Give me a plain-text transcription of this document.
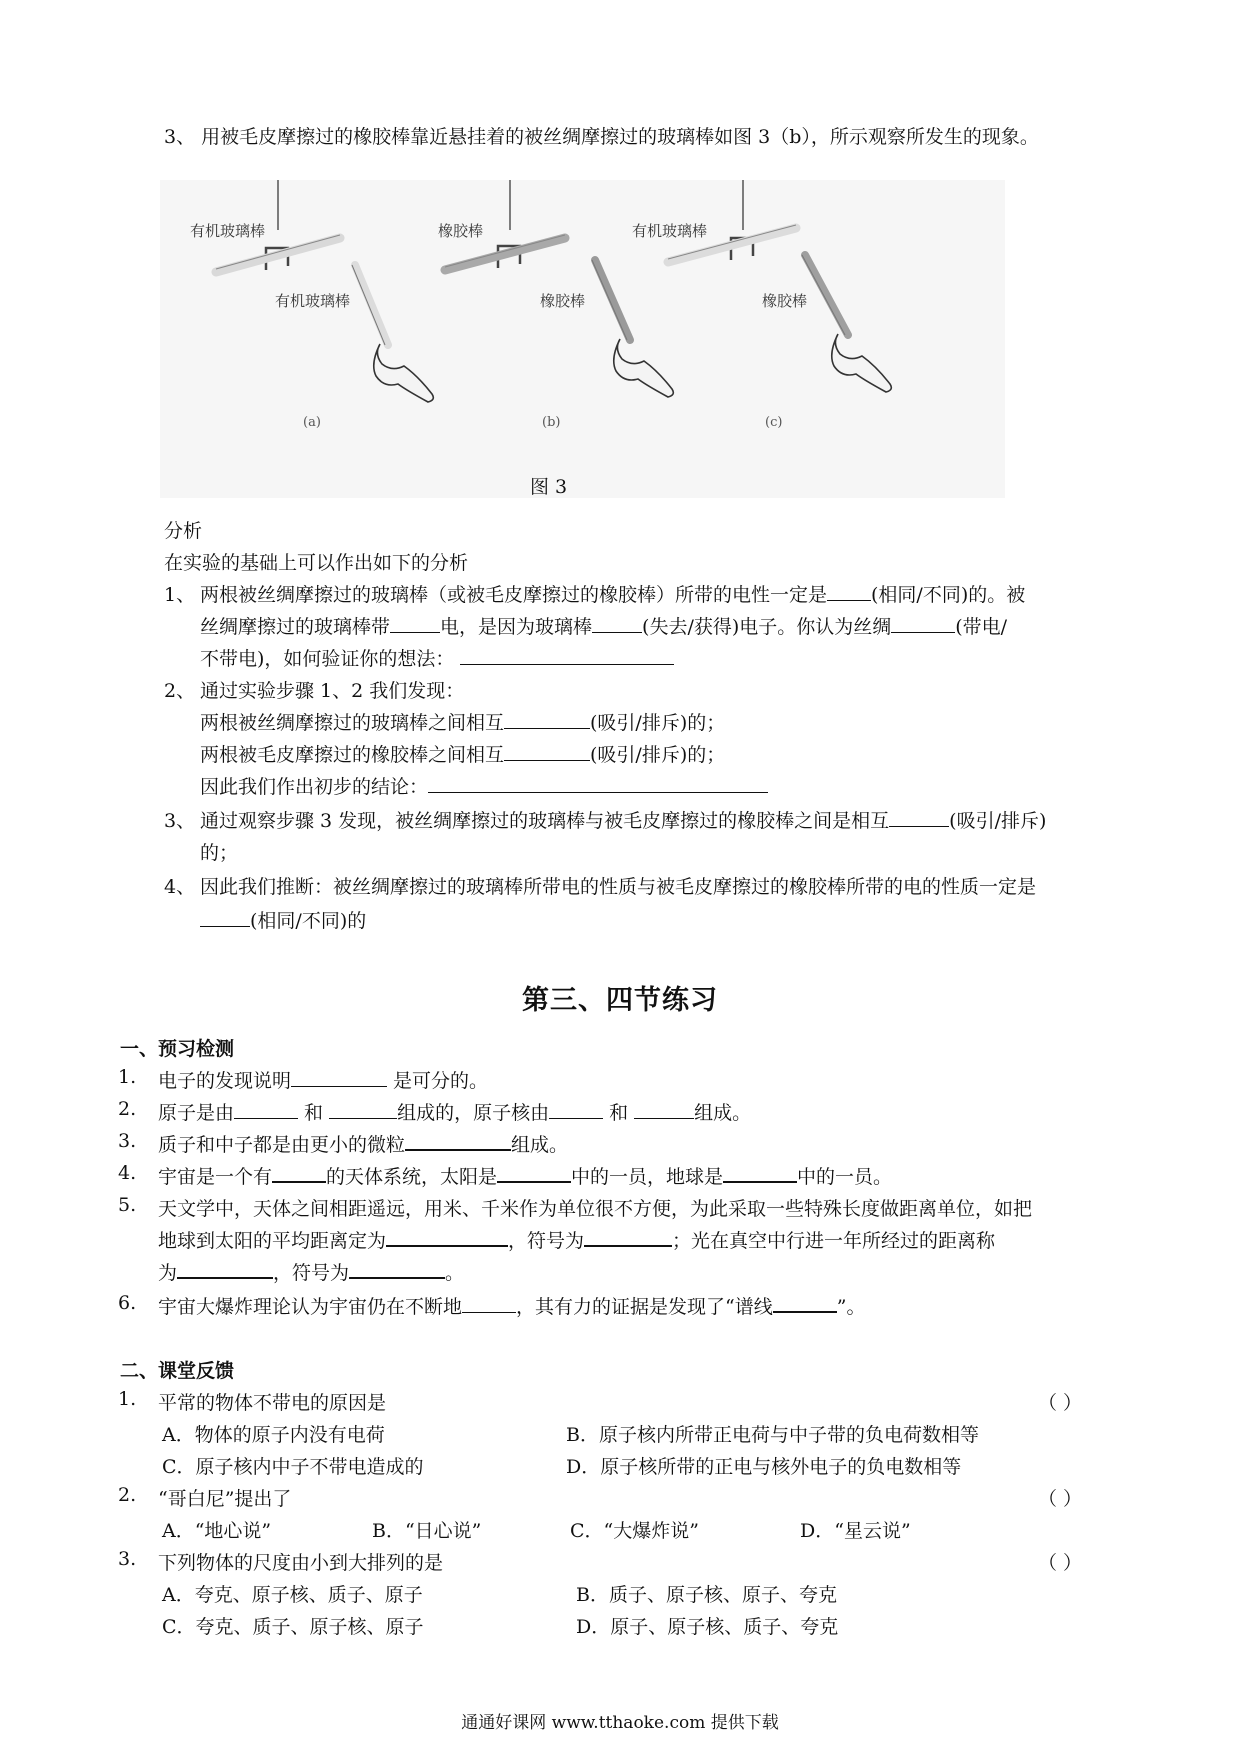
3、 用被毛皮摩擦过的橡胶棒靠近悬挂着的被丝绸摩擦过的玻璃棒如图 3（b），所示观察所发生的现象。
有机玻璃棒
有机玻璃棒
(a)
橡胶棒
橡胶棒
(b)
有机玻璃棒
橡胶棒
(c)
图 3
分析
在实验的基础上可以作出如下的分析
1、 两根被丝绸摩擦过的玻璃棒（或被毛皮摩擦过的橡胶棒）所带的电性一定是 (相同/不同)的。被
丝绸摩擦过的玻璃棒带	电，是因为玻璃棒	(失去/获得)电子。你认为丝绸	(带电/
不带电)，如何验证你的想法：
2、 通过实验步骤 1、2 我们发现：
两根被丝绸摩擦过的玻璃棒之间相互	(吸引/排斥)的；
两根被毛皮摩擦过的橡胶棒之间相互	(吸引/排斥)的；
因此我们作出初步的结论：
3、 通过观察步骤 3 发现，被丝绸摩擦过的玻璃棒与被毛皮摩擦过的橡胶棒之间是相互	(吸引/排斥)
的；
4、 因此我们推断：被丝绸摩擦过的玻璃棒所带电的性质与被毛皮摩擦过的橡胶棒所带的电的性质一定是
(相同/不同)的
第三、四节练习
一、预习检测
1. 电子的发现说明	是可分的。
2. 原子是由	和	组成的，原子核由	和	组成。
3. 质子和中子都是由更小的微粒	组成。
4. 宇宙是一个有	的天体系统，太阳是	中的一员，地球是	中的一员。
5. 天文学中，天体之间相距遥远，用米、千米作为单位很不方便，为此采取一些特殊长度做距离单位，如把
地球到太阳的平均距离定为	，符号为	；光在真空中行进一年所经过的距离称
为	，符号为	。
6. 宇宙大爆炸理论认为宇宙仍在不断地	，其有力的证据是发现了“谱线	”。
二、课堂反馈
1. 平常的物体不带电的原因是	（ ）
A．物体的原子内没有电荷	B．原子核内所带正电荷与中子带的负电荷数相等
C．原子核内中子不带电造成的	D．原子核所带的正电与核外电子的负电数相等
2. “哥白尼”提出了	（ ）
A．“地心说”	B．“日心说”	C．“大爆炸说”	D．“星云说”
3. 下列物体的尺度由小到大排列的是	（ ）
A．夸克、原子核、质子、原子	B．质子、原子核、原子、夸克
C．夸克、质子、原子核、原子	D．原子、原子核、质子、夸克
通通好课网 www.tthaoke.com 提供下载
